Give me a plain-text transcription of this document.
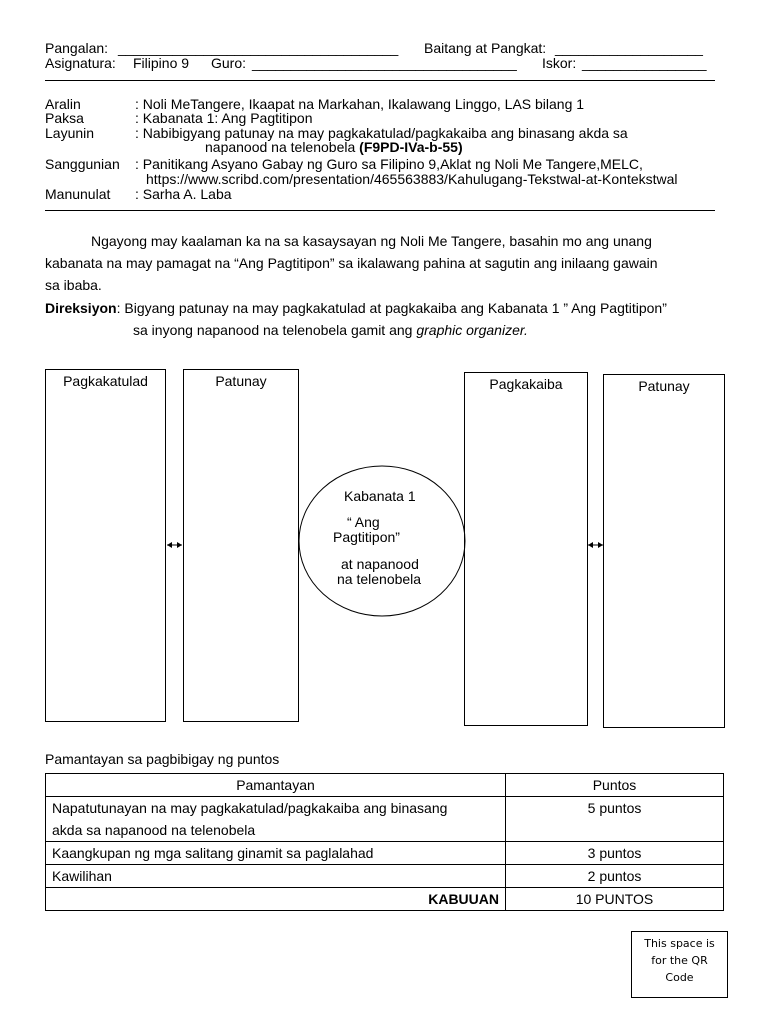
Pangalan: ____________________________________ Baitang at Pangkat: ___________________
Asignatura: Filipino 9 Guro: __________________________________ Iskor: ________________
Aralin	: Noli MeTangere, Ikaapat na Markahan, Ikalawang Linggo, LAS bilang 1
Paksa	: Kabanata 1: Ang Pagtitipon
Layunin	: Nabibigyang patunay na may pagkakatulad/pagkakaiba ang binasang akda sa
napanood na telenobela (F9PD-IVa-b-55)
Sanggunian : Panitikang Asyano Gabay ng Guro sa Filipino 9,Aklat ng Noli Me Tangere,MELC,
https://www.scribd.com/presentation/465563883/Kahulugang-Tekstwal-at-Kontekstwal
Manunulat : Sarha A. Laba
Ngayong may kaalaman ka na sa kasaysayan ng Noli Me Tangere, basahin mo ang unang
kabanata na may pamagat na “Ang Pagtitipon” sa ikalawang pahina at sagutin ang inilaang gawain
sa ibaba.
Direksiyon: Bigyang patunay na may pagkakatulad at pagkakaiba ang Kabanata 1 ” Ang Pagtitipon”
sa inyong napanood na telenobela gamit ang graphic organizer.
Pagkakatulad	Patunay	Pagkakaiba	Patunay
Kabanata 1
“ Ang
Pagtitipon”
at napanood
na telenobela
Pamantayan sa pagbibigay ng puntos
Pamantayan	Puntos
Napatutunayan na may pagkakatulad/pagkakaiba ang binasang
akda sa napanood na telenobela	5 puntos
Kaangkupan ng mga salitang ginamit sa paglalahad	3 puntos
Kawilihan	2 puntos
KABUUAN	10 PUNTOS
This space is
for the QR
Code
